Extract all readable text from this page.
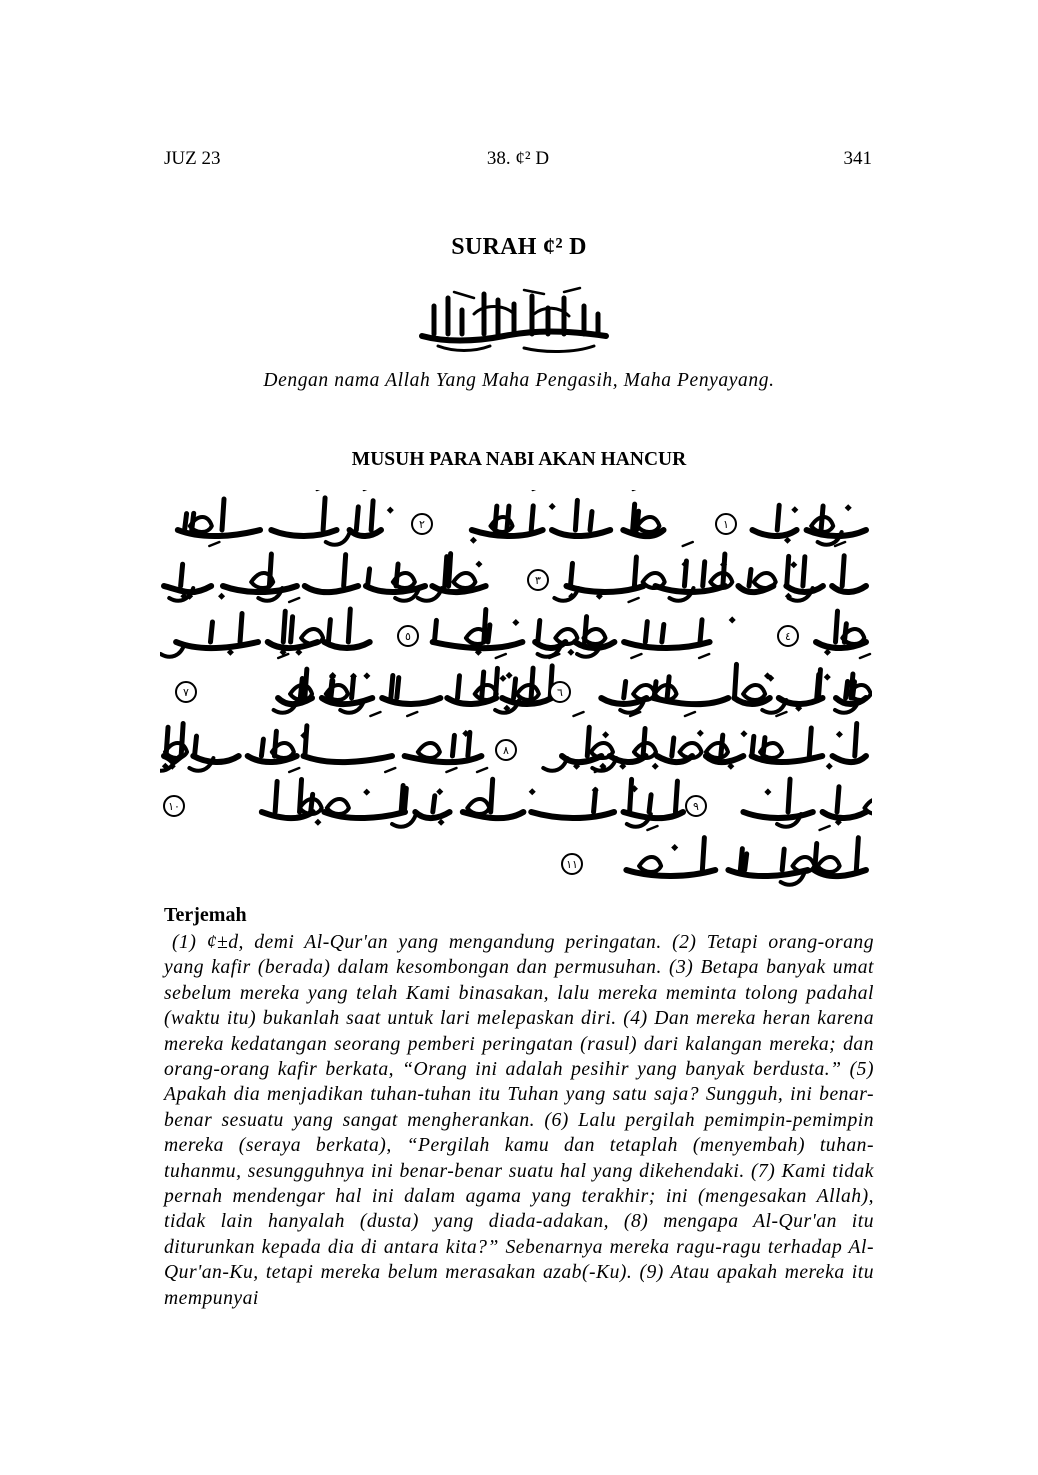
JUZ 23	38. ¢² D	341
SURAH ¢² D
Dengan nama Allah Yang Maha Pengasih, Maha Penyayang.
MUSUH PARA NABI AKAN HANCUR
١
٢
٣
٤
٥
٦
٧
٨
٩
١٠
١١
Terjemah

(1) ¢±d, demi Al-Qur'an yang mengandung peringatan. (2) Tetapi orang-orang yang kafir (berada) dalam kesombongan dan permusuhan. (3) Betapa banyak umat sebelum mereka yang telah Kami binasakan, lalu mereka meminta tolong padahal (waktu itu) bukanlah saat untuk lari melepaskan diri. (4) Dan mereka heran karena mereka kedatangan seorang pemberi peringatan (rasul) dari kalangan mereka; dan orang-orang kafir berkata, “Orang ini adalah pesihir yang banyak berdusta.” (5) Apakah dia menjadikan tuhan-tuhan itu Tuhan yang satu saja? Sungguh, ini benar-benar sesuatu yang sangat mengherankan. (6) Lalu pergilah pemimpin-pemimpin mereka (seraya berkata), “Pergilah kamu dan tetaplah (menyembah) tuhan-tuhanmu, sesungguhnya ini benar-benar suatu hal yang dikehendaki. (7) Kami tidak pernah mendengar hal ini dalam agama yang terakhir; ini (mengesakan Allah), tidak lain hanyalah (dusta) yang diada-adakan, (8) mengapa Al-Qur'an itu diturunkan kepada dia di antara kita?” Sebenarnya mereka ragu-ragu terhadap Al-Qur'an-Ku, tetapi mereka belum merasakan azab(-Ku). (9) Atau apakah mereka itu mempunyai
